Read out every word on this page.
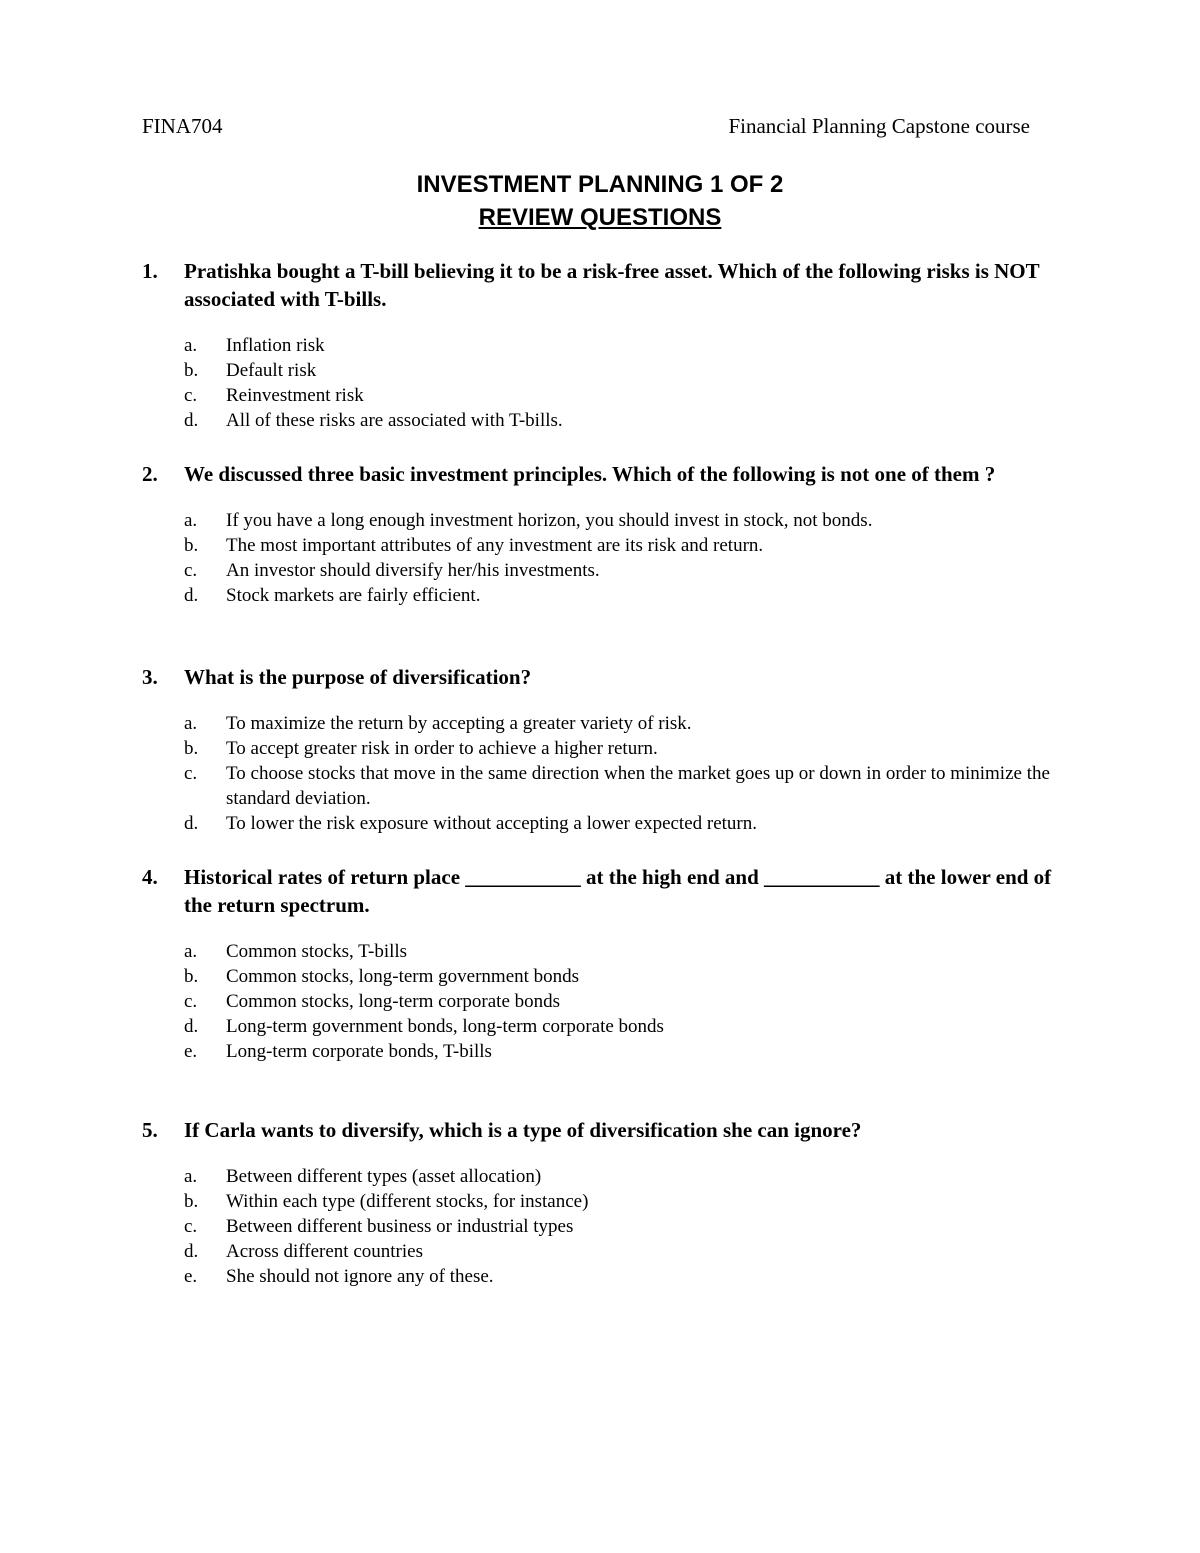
FINA704	Financial Planning Capstone course
INVESTMENT PLANNING 1 OF 2
REVIEW QUESTIONS
1.	Pratishka bought a T-bill believing it to be a risk-free asset. Which of the following risks is NOT associated with T-bills.
a.	Inflation risk
b.	Default risk
c.	Reinvestment risk
d.	All of these risks are associated with T-bills.
2.	We discussed three basic investment principles. Which of the following is not one of them ?
a.	If you have a long enough investment horizon, you should invest in stock, not bonds.
b.	The most important attributes of any investment are its risk and return.
c.	An investor should diversify her/his investments.
d.	Stock markets are fairly efficient.
3.	What is the purpose of diversification?
a.	To maximize the return by accepting a greater variety of risk.
b.	To accept greater risk in order to achieve a higher return.
c.	To choose stocks that move in the same direction when the market goes up or down in order to minimize the standard deviation.
d.	To lower the risk exposure without accepting a lower expected return.
4.	Historical rates of return place ___________ at the high end and ___________ at the lower end of the return spectrum.
a.	Common stocks, T-bills
b.	Common stocks, long-term government bonds
c.	Common stocks, long-term corporate bonds
d.	Long-term government bonds, long-term corporate bonds
e.	Long-term corporate bonds, T-bills
5.	If Carla wants to diversify, which is a type of diversification she can ignore?
a.	Between different types (asset allocation)
b.	Within each type (different stocks, for instance)
c.	Between different business or industrial types
d.	Across different countries
e.	She should not ignore any of these.
